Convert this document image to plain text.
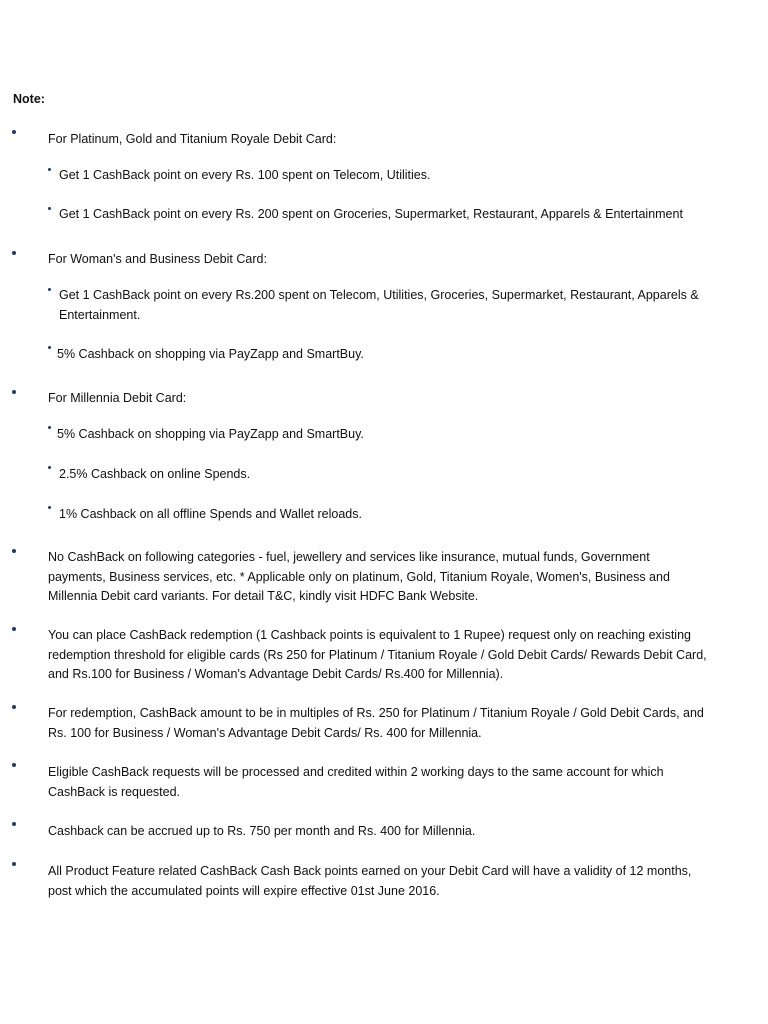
Note:

For Platinum, Gold and Titanium Royale Debit Card:

Get 1 CashBack point on every Rs. 100 spent on Telecom, Utilities.

Get 1 CashBack point on every Rs. 200 spent on Groceries, Supermarket, Restaurant, Apparels & Entertainment

For Woman's and Business Debit Card:

Get 1 CashBack point on every Rs.200 spent on Telecom, Utilities, Groceries, Supermarket, Restaurant, Apparels & Entertainment.

5% Cashback on shopping via PayZapp and SmartBuy.

For Millennia Debit Card:

5% Cashback on shopping via PayZapp and SmartBuy.

2.5% Cashback on online Spends.

1% Cashback on all offline Spends and Wallet reloads.

No CashBack on following categories - fuel, jewellery and services like insurance, mutual funds, Government payments, Business services, etc. * Applicable only on platinum, Gold, Titanium Royale, Women's, Business and Millennia Debit card variants. For detail T&C, kindly visit HDFC Bank Website.

You can place CashBack redemption (1 Cashback points is equivalent to 1 Rupee) request only on reaching existing redemption threshold for eligible cards (Rs 250 for Platinum / Titanium Royale / Gold Debit Cards/ Rewards Debit Card, and Rs.100 for Business / Woman's Advantage Debit Cards/ Rs.400 for Millennia).

For redemption, CashBack amount to be in multiples of Rs. 250 for Platinum / Titanium Royale / Gold Debit Cards, and Rs. 100 for Business / Woman's Advantage Debit Cards/ Rs. 400 for Millennia.

Eligible CashBack requests will be processed and credited within 2 working days to the same account for which CashBack is requested.

Cashback can be accrued up to Rs. 750 per month and Rs. 400 for Millennia.

All Product Feature related CashBack Cash Back points earned on your Debit Card will have a validity of 12 months, post which the accumulated points will expire effective 01st June 2016.
